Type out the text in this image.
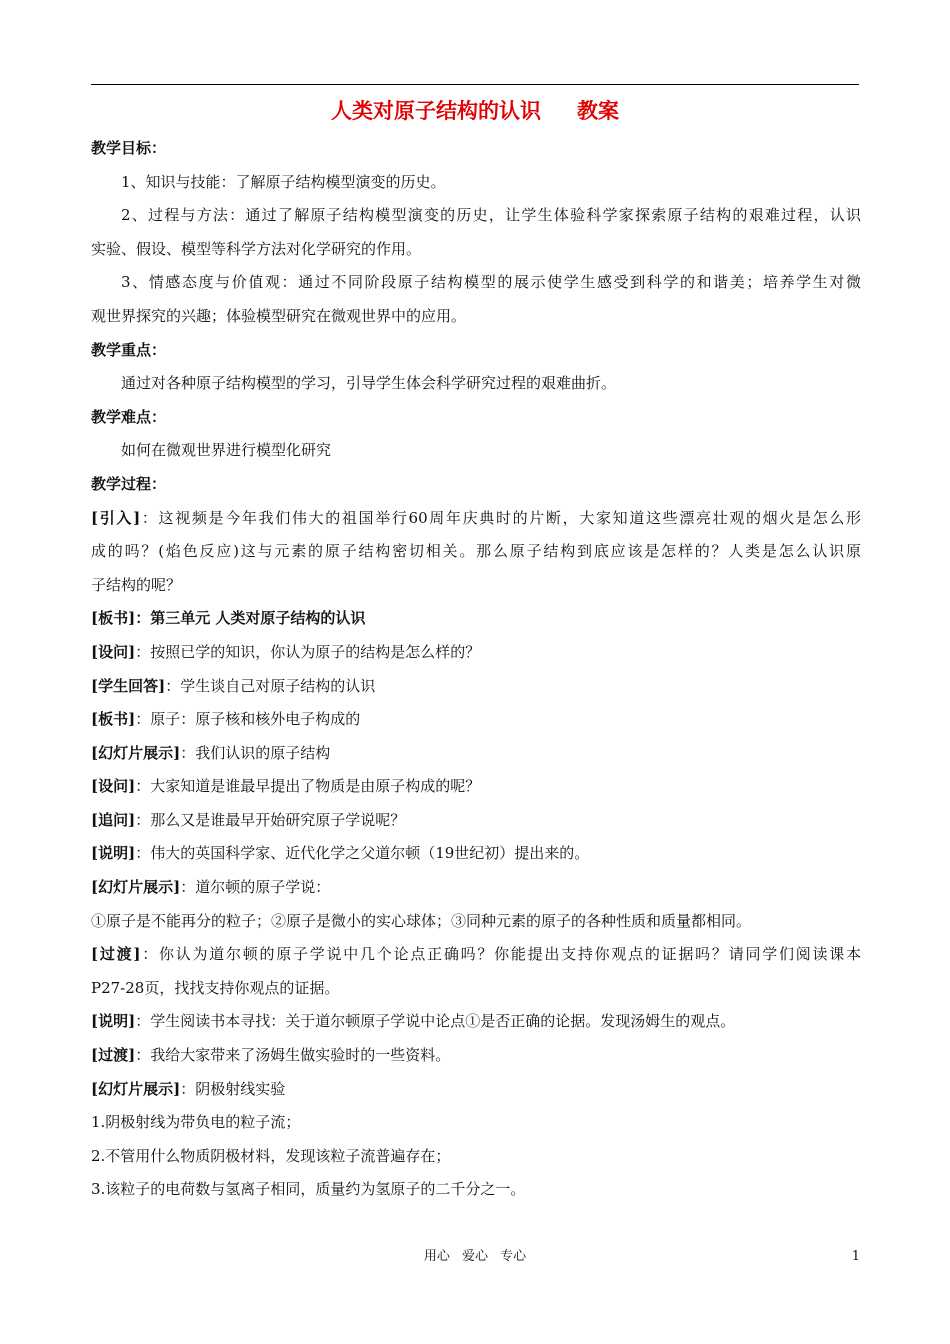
人类对原子结构的认识 教案
教学目标：
1、知识与技能：了解原子结构模型演变的历史。
2、过程与方法：通过了解原子结构模型演变的历史，让学生体验科学家探索原子结构的艰难过程，认识
实验、假设、模型等科学方法对化学研究的作用。
3、情感态度与价值观：通过不同阶段原子结构模型的展示使学生感受到科学的和谐美；培养学生对微
观世界探究的兴趣；体验模型研究在微观世界中的应用。
教学重点：
通过对各种原子结构模型的学习，引导学生体会科学研究过程的艰难曲折。
教学难点：
如何在微观世界进行模型化研究
教学过程：
[引入]：这视频是今年我们伟大的祖国举行60周年庆典时的片断，大家知道这些漂亮壮观的烟火是怎么形
成的吗？(焰色反应)这与元素的原子结构密切相关。那么原子结构到底应该是怎样的？人类是怎么认识原
子结构的呢？
[板书]：第三单元 人类对原子结构的认识
[设问]：按照已学的知识，你认为原子的结构是怎么样的？
[学生回答]：学生谈自己对原子结构的认识
[板书]：原子：原子核和核外电子构成的
[幻灯片展示]：我们认识的原子结构
[设问]：大家知道是谁最早提出了物质是由原子构成的呢？
[追问]：那么又是谁最早开始研究原子学说呢？
[说明]：伟大的英国科学家、近代化学之父道尔顿（19世纪初）提出来的。
[幻灯片展示]：道尔顿的原子学说：
①原子是不能再分的粒子；②原子是微小的实心球体；③同种元素的原子的各种性质和质量都相同。
[过渡]：你认为道尔顿的原子学说中几个论点正确吗？你能提出支持你观点的证据吗？请同学们阅读课本
P27-28页，找找支持你观点的证据。
[说明]：学生阅读书本寻找：关于道尔顿原子学说中论点①是否正确的论据。发现汤姆生的观点。
[过渡]：我给大家带来了汤姆生做实验时的一些资料。
[幻灯片展示]：阴极射线实验
1.阴极射线为带负电的粒子流；
2.不管用什么物质阴极材料，发现该粒子流普遍存在；
3.该粒子的电荷数与氢离子相同，质量约为氢原子的二千分之一。
用心 爱心 专心	1
